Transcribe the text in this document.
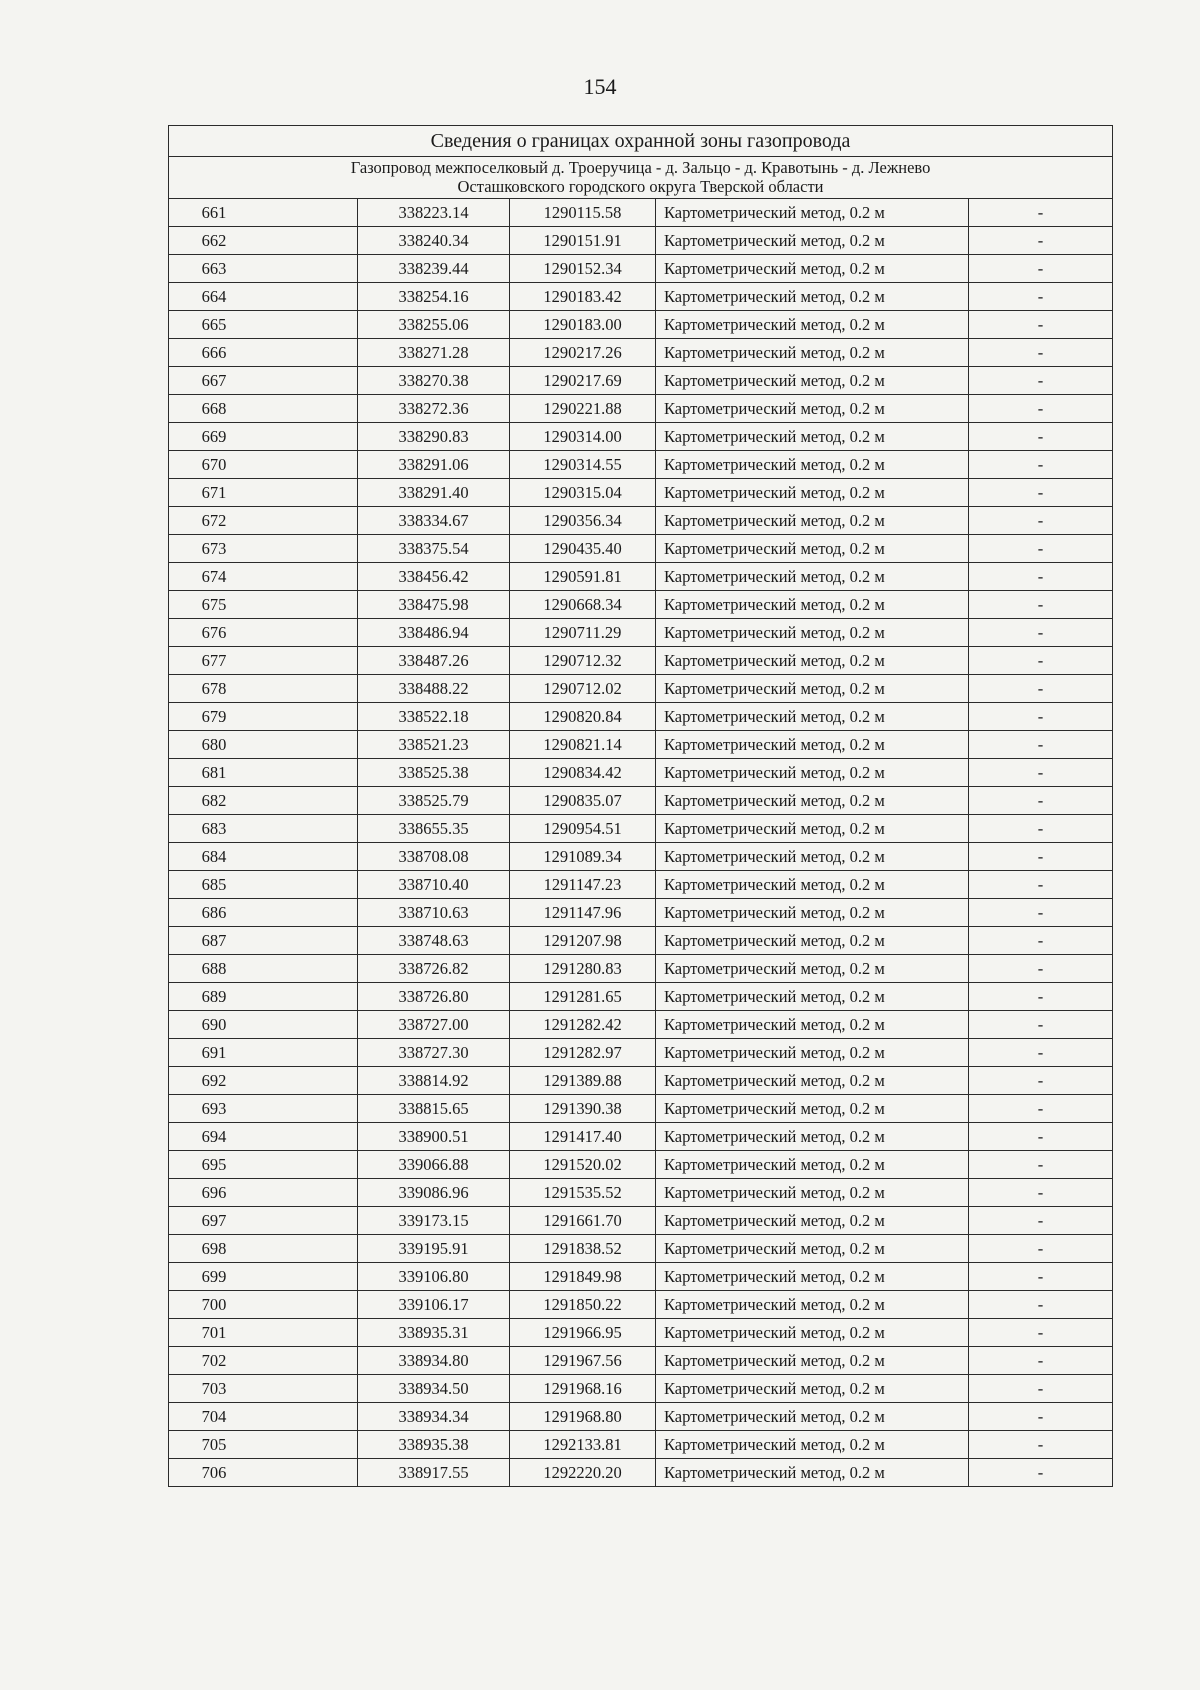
154
Сведения о границах охранной зоны газопровода				

Газопровод межпоселковый д. Троеручица - д. Зальцо - д. Кравотынь - д. Лежнево
Осташковского городского округа Тверской области				

661	338223.14	1290115.58	Картометрический метод, 0.2 м	-
662	338240.34	1290151.91	Картометрический метод, 0.2 м	-
663	338239.44	1290152.34	Картометрический метод, 0.2 м	-
664	338254.16	1290183.42	Картометрический метод, 0.2 м	-
665	338255.06	1290183.00	Картометрический метод, 0.2 м	-
666	338271.28	1290217.26	Картометрический метод, 0.2 м	-
667	338270.38	1290217.69	Картометрический метод, 0.2 м	-
668	338272.36	1290221.88	Картометрический метод, 0.2 м	-
669	338290.83	1290314.00	Картометрический метод, 0.2 м	-
670	338291.06	1290314.55	Картометрический метод, 0.2 м	-
671	338291.40	1290315.04	Картометрический метод, 0.2 м	-
672	338334.67	1290356.34	Картометрический метод, 0.2 м	-
673	338375.54	1290435.40	Картометрический метод, 0.2 м	-
674	338456.42	1290591.81	Картометрический метод, 0.2 м	-
675	338475.98	1290668.34	Картометрический метод, 0.2 м	-
676	338486.94	1290711.29	Картометрический метод, 0.2 м	-
677	338487.26	1290712.32	Картометрический метод, 0.2 м	-
678	338488.22	1290712.02	Картометрический метод, 0.2 м	-
679	338522.18	1290820.84	Картометрический метод, 0.2 м	-
680	338521.23	1290821.14	Картометрический метод, 0.2 м	-
681	338525.38	1290834.42	Картометрический метод, 0.2 м	-
682	338525.79	1290835.07	Картометрический метод, 0.2 м	-
683	338655.35	1290954.51	Картометрический метод, 0.2 м	-
684	338708.08	1291089.34	Картометрический метод, 0.2 м	-
685	338710.40	1291147.23	Картометрический метод, 0.2 м	-
686	338710.63	1291147.96	Картометрический метод, 0.2 м	-
687	338748.63	1291207.98	Картометрический метод, 0.2 м	-
688	338726.82	1291280.83	Картометрический метод, 0.2 м	-
689	338726.80	1291281.65	Картометрический метод, 0.2 м	-
690	338727.00	1291282.42	Картометрический метод, 0.2 м	-
691	338727.30	1291282.97	Картометрический метод, 0.2 м	-
692	338814.92	1291389.88	Картометрический метод, 0.2 м	-
693	338815.65	1291390.38	Картометрический метод, 0.2 м	-
694	338900.51	1291417.40	Картометрический метод, 0.2 м	-
695	339066.88	1291520.02	Картометрический метод, 0.2 м	-
696	339086.96	1291535.52	Картометрический метод, 0.2 м	-
697	339173.15	1291661.70	Картометрический метод, 0.2 м	-
698	339195.91	1291838.52	Картометрический метод, 0.2 м	-
699	339106.80	1291849.98	Картометрический метод, 0.2 м	-
700	339106.17	1291850.22	Картометрический метод, 0.2 м	-
701	338935.31	1291966.95	Картометрический метод, 0.2 м	-
702	338934.80	1291967.56	Картометрический метод, 0.2 м	-
703	338934.50	1291968.16	Картометрический метод, 0.2 м	-
704	338934.34	1291968.80	Картометрический метод, 0.2 м	-
705	338935.38	1292133.81	Картометрический метод, 0.2 м	-
706	338917.55	1292220.20	Картометрический метод, 0.2 м	-
